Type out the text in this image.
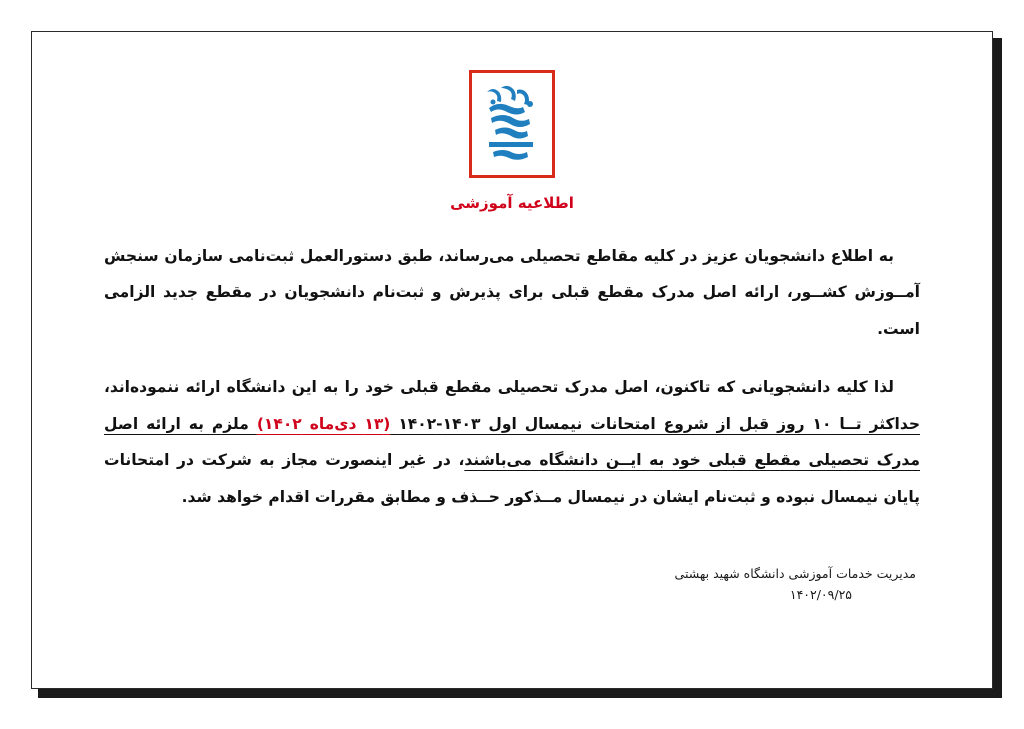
اطلاعیه آموزشی

به اطلاع دانشجویان عزیز در کلیه مقاطع تحصیلی می‌رساند، طبق دستورالعمل ثبت‌نامی سازمان سنجش آمــوزش کشــور، ارائه اصل مدرک مقطع قبلی برای پذیرش و ثبت‌نام دانشجویان در مقطع جدید الزامی است.

لذا کلیه دانشجویانی که تاکنون، اصل مدرک تحصیلی مقطع قبلی خود را به این دانشگاه ارائه ننموده‌اند، حداکثر تــا ۱۰ روز قبل از شروع امتحانات نیمسال اول ۱۴۰۳-۱۴۰۲ (۱۳ دی‌ماه ۱۴۰۲) ملزم به ارائه اصل مدرک تحصیلی مقطع قبلی خود به ایــن دانشگاه می‌باشند، در غیر اینصورت مجاز به شرکت در امتحانات پایان نیمسال نبوده و ثبت‌نام ایشان در نیمسال مــذکور حــذف و مطابق مقررات اقدام خواهد شد.

مدیریت خدمات آموزشی دانشگاه شهید بهشتی
۱۴۰۲/۰۹/۲۵
